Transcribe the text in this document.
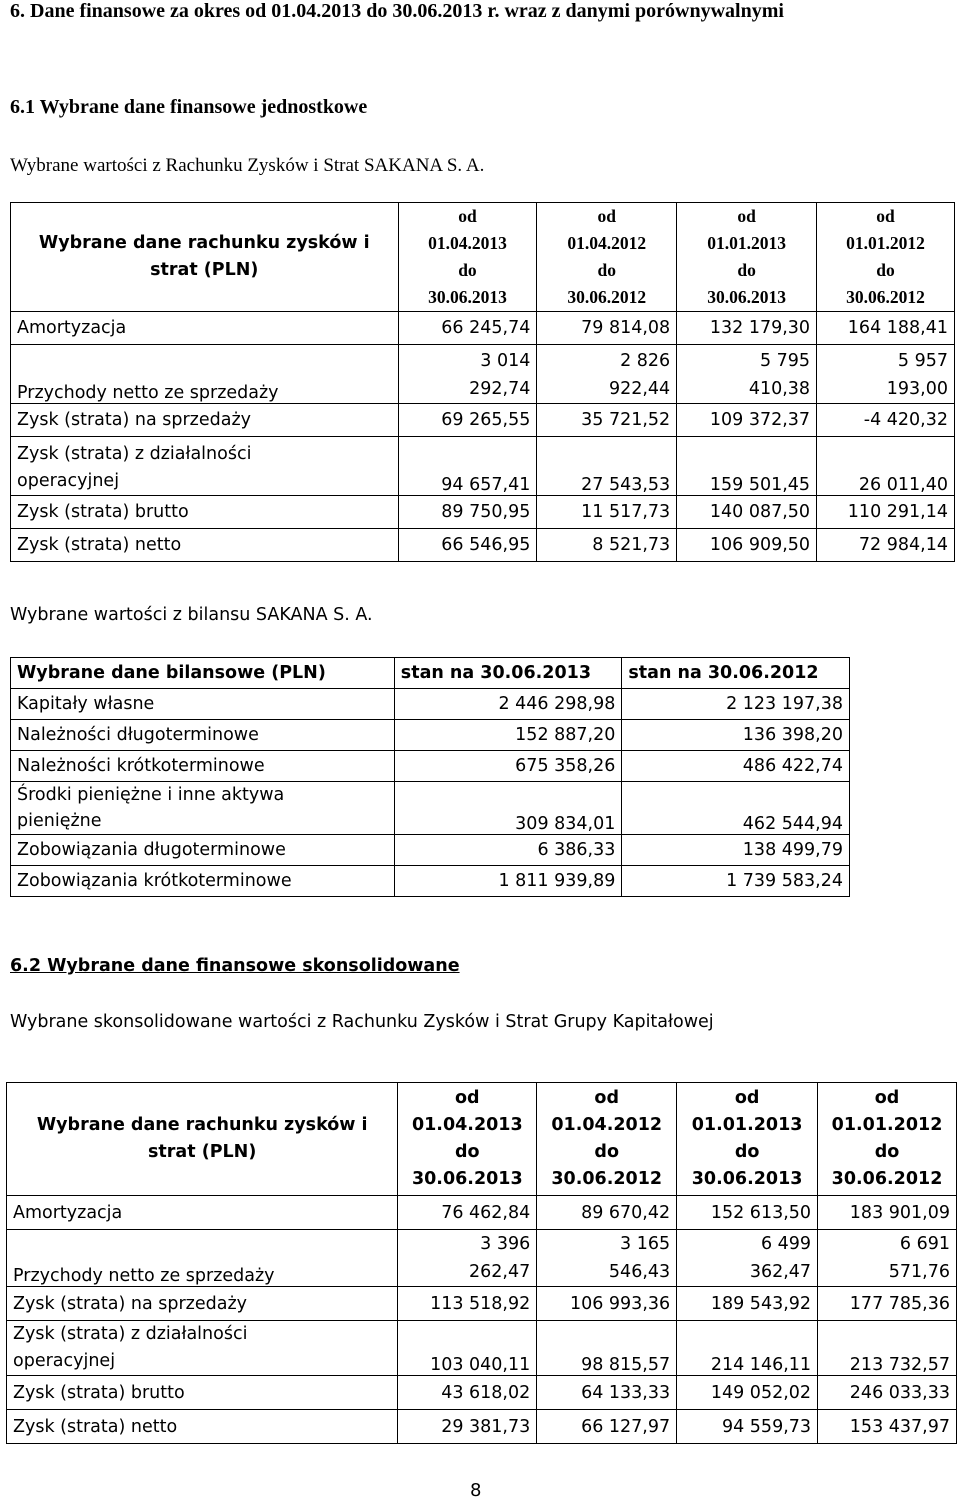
6. Dane finansowe za okres od 01.04.2013 do 30.06.2013 r. wraz z danymi porównywalnymi
6.1 Wybrane dane finansowe jednostkowe
Wybrane wartości z Rachunku Zysków i Strat SAKANA S. A.
Wybrane dane rachunku zysków i strat (PLN)	od
01.04.2013
do
30.06.2013	od
01.04.2012
do
30.06.2012	od
01.01.2013
do
30.06.2013	od
01.01.2012
do
30.06.2012
Amortyzacja	66 245,74	79 814,08	132 179,30	164 188,41
Przychody netto ze sprzedaży	3 014 292,74	2 826 922,44	5 795 410,38	5 957 193,00

Zysk (strata) na sprzedaży	69 265,55	35 721,52	109 372,37	-4 420,32

Zysk (strata) z działalności operacyjnej	94 657,41	27 543,53	159 501,45	26 011,40
Zysk (strata) brutto	89 750,95	11 517,73	140 087,50	110 291,14
Zysk (strata) netto	66 546,95	8 521,73	106 909,50	72 984,14
Wybrane wartości z bilansu SAKANA S. A.
Wybrane dane bilansowe (PLN)	stan na 30.06.2013	stan na 30.06.2012
Kapitały własne	2 446 298,98	2 123 197,38
Należności długoterminowe	152 887,20	136 398,20
Należności krótkoterminowe	675 358,26	486 422,74

Środki pieniężne i inne aktywa pieniężne	309 834,01	462 544,94
Zobowiązania długoterminowe	6 386,33	138 499,79
Zobowiązania krótkoterminowe	1 811 939,89	1 739 583,24
6.2 Wybrane dane finansowe skonsolidowane
Wybrane skonsolidowane wartości z Rachunku Zysków i Strat Grupy Kapitałowej
Wybrane dane rachunku zysków i strat (PLN)	od
01.04.2013
do
30.06.2013	od
01.04.2012
do
30.06.2012	od
01.01.2013
do
30.06.2013	od
01.01.2012
do
30.06.2012
Amortyzacja	76 462,84	89 670,42	152 613,50	183 901,09
Przychody netto ze sprzedaży	3 396 262,47	3 165 546,43	6 499 362,47	6 691 571,76

Zysk (strata) na sprzedaży	113 518,92	106 993,36	189 543,92	177 785,36

Zysk (strata) z działalności operacyjnej	103 040,11	98 815,57	214 146,11	213 732,57
Zysk (strata) brutto	43 618,02	64 133,33	149 052,02	246 033,33
Zysk (strata) netto	29 381,73	66 127,97	94 559,73	153 437,97
8
